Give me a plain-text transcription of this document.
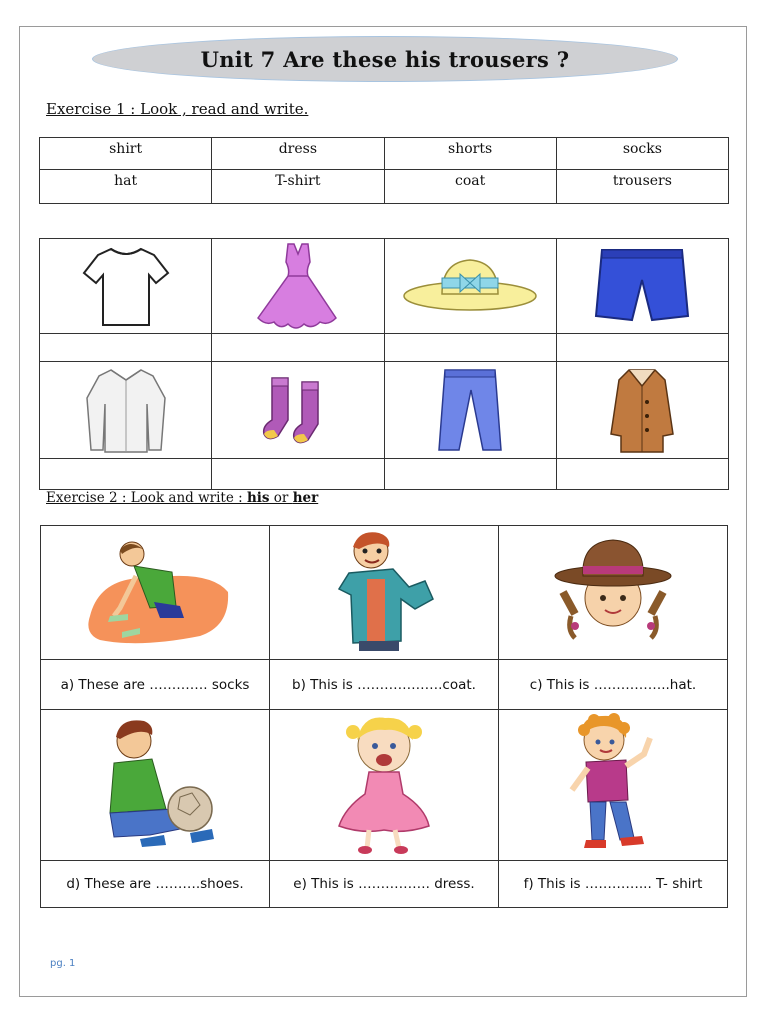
Unit 7 Are these his trousers ?
Exercise 1 : Look , read and write.
shirt	dress	shorts	socks
hat	T-shirt	coat	trousers

Exercise 2 : Look and write : his or her

a) These are …………. socks	b) This is ……………….coat.	c) This is ……………..hat.

d) These are ……….shoes.	e) This is ……………. dress.	f) This is …………... T- shirt
pg. 1
